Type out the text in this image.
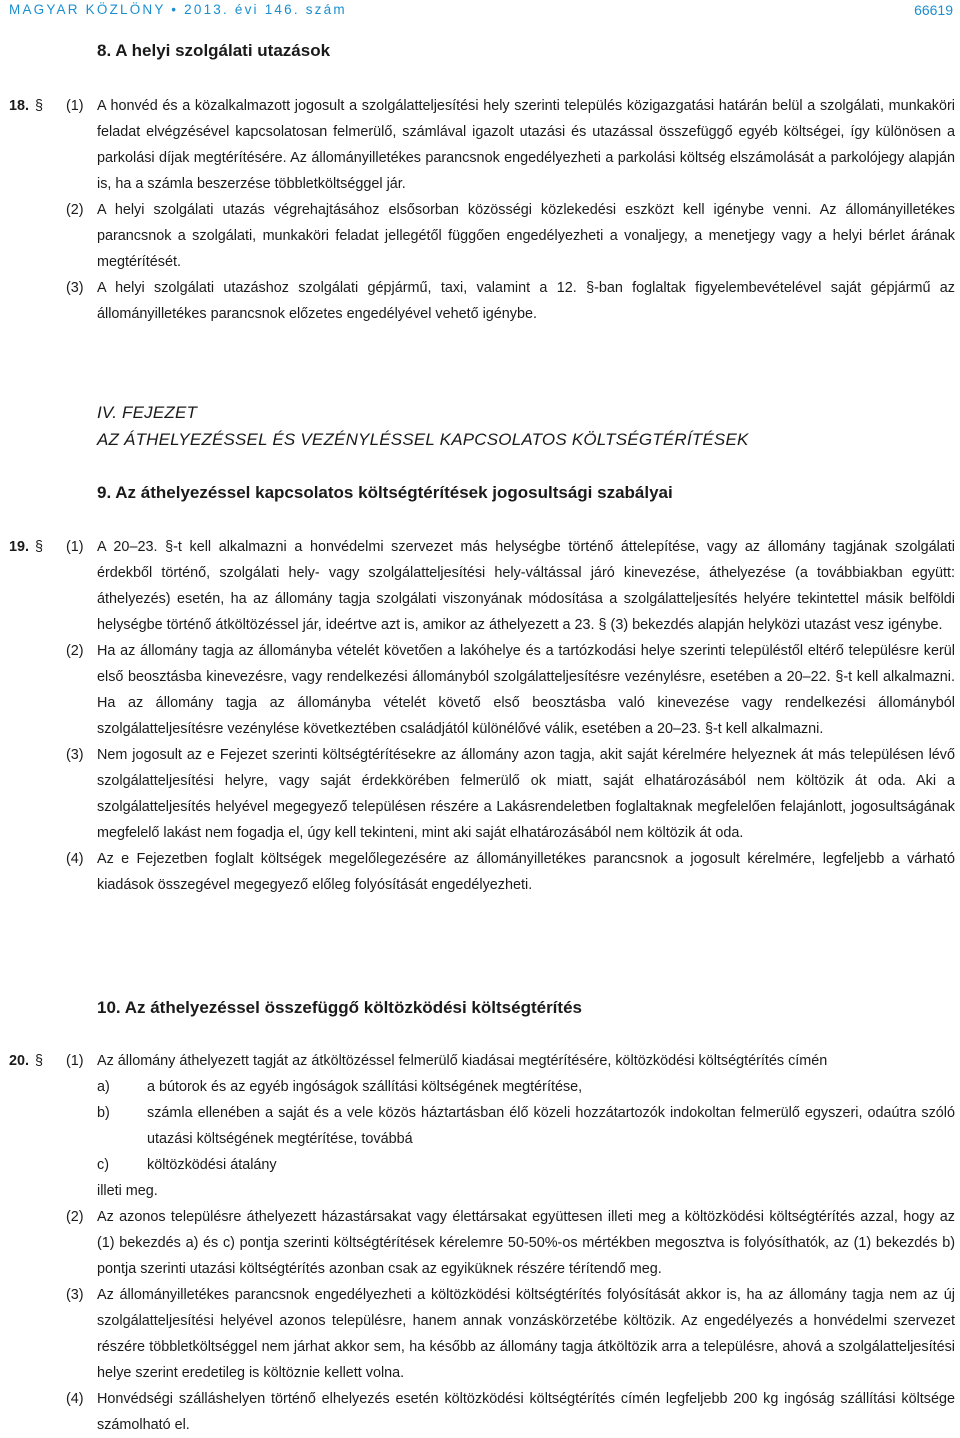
MAGYAR KÖZLÖNY • 2013. évi 146. szám	66619
8. A helyi szolgálati utazások
18. § (1) A honvéd és a közalkalmazott jogosult a szolgálatteljesítési hely szerinti település közigazgatási határán belül a szolgálati, munkaköri feladat elvégzésével kapcsolatosan felmerülő, számlával igazolt utazási és utazással összefüggő egyéb költségei, így különösen a parkolási díjak megtérítésére. Az állományilletékes parancsnok engedélyezheti a parkolási költség elszámolását a parkolójegy alapján is, ha a számla beszerzése többletköltséggel jár.
(2) A helyi szolgálati utazás végrehajtásához elsősorban közösségi közlekedési eszközt kell igénybe venni. Az állományilletékes parancsnok a szolgálati, munkaköri feladat jellegétől függően engedélyezheti a vonaljegy, a menetjegy vagy a helyi bérlet árának megtérítését.
(3) A helyi szolgálati utazáshoz szolgálati gépjármű, taxi, valamint a 12. §-ban foglaltak figyelembevételével saját gépjármű az állományilletékes parancsnok előzetes engedélyével vehető igénybe.
IV. FEJEZET
AZ ÁTHELYEZÉSSEL ÉS VEZÉNYLÉSSEL KAPCSOLATOS KÖLTSÉGTÉRÍTÉSEK
9. Az áthelyezéssel kapcsolatos költségtérítések jogosultsági szabályai
19. § (1) A 20–23. §-t kell alkalmazni a honvédelmi szervezet más helységbe történő áttelepítése, vagy az állomány tagjának szolgálati érdekből történő, szolgálati hely- vagy szolgálatteljesítési hely-váltással járó kinevezése, áthelyezése (a továbbiakban együtt: áthelyezés) esetén, ha az állomány tagja szolgálati viszonyának módosítása a szolgálatteljesítés helyére tekintettel másik belföldi helységbe történő átköltözéssel jár, ideértve azt is, amikor az áthelyezett a 23. § (3) bekezdés alapján helyközi utazást vesz igénybe.
(2) Ha az állomány tagja az állományba vételét követően a lakóhelye és a tartózkodási helye szerinti településtől eltérő településre kerül első beosztásba kinevezésre, vagy rendelkezési állományból szolgálatteljesítésre vezénylésre, esetében a 20–22. §-t kell alkalmazni. Ha az állomány tagja az állományba vételét követő első beosztásba való kinevezése vagy rendelkezési állományból szolgálatteljesítésre vezénylése következtében családjától különélővé válik, esetében a 20–23. §-t kell alkalmazni.
(3) Nem jogosult az e Fejezet szerinti költségtérítésekre az állomány azon tagja, akit saját kérelmére helyeznek át más településen lévő szolgálatteljesítési helyre, vagy saját érdekkörében felmerülő ok miatt, saját elhatározásából nem költözik át oda. Aki a szolgálatteljesítés helyével megegyező településen részére a Lakásrendeletben foglaltaknak megfelelően felajánlott, jogosultságának megfelelő lakást nem fogadja el, úgy kell tekinteni, mint aki saját elhatározásából nem költözik át oda.
(4) Az e Fejezetben foglalt költségek megelőlegezésére az állományilletékes parancsnok a jogosult kérelmére, legfeljebb a várható kiadások összegével megegyező előleg folyósítását engedélyezheti.
10. Az áthelyezéssel összefüggő költözködési költségtérítés
20. § (1) Az állomány áthelyezett tagját az átköltözéssel felmerülő kiadásai megtérítésére, költözködési költségtérítés címén
a)	a bútorok és az egyéb ingóságok szállítási költségének megtérítése,
b)	számla ellenében a saját és a vele közös háztartásban élő közeli hozzátartozók indokoltan felmerülő egyszeri, odaútra szóló utazási költségének megtérítése, továbbá
c)	költözködési átalány
illeti meg.
(2) Az azonos településre áthelyezett házastársakat vagy élettársakat együttesen illeti meg a költözködési költségtérítés azzal, hogy az (1) bekezdés a) és c) pontja szerinti költségtérítések kérelemre 50-50%-os mértékben megosztva is folyósíthatók, az (1) bekezdés b) pontja szerinti utazási költségtérítés azonban csak az egyiküknek részére térítendő meg.
(3) Az állományilletékes parancsnok engedélyezheti a költözködési költségtérítés folyósítását akkor is, ha az állomány tagja nem az új szolgálatteljesítési helyével azonos településre, hanem annak vonzáskörzetébe költözik. Az engedélyezés a honvédelmi szervezet részére többletköltséggel nem járhat akkor sem, ha később az állomány tagja átköltözik arra a településre, ahová a szolgálatteljesítési helye szerint eredetileg is költöznie kellett volna.
(4) Honvédségi szálláshelyen történő elhelyezés esetén költözködési költségtérítés címén legfeljebb 200 kg ingóság szállítási költsége számolható el.
